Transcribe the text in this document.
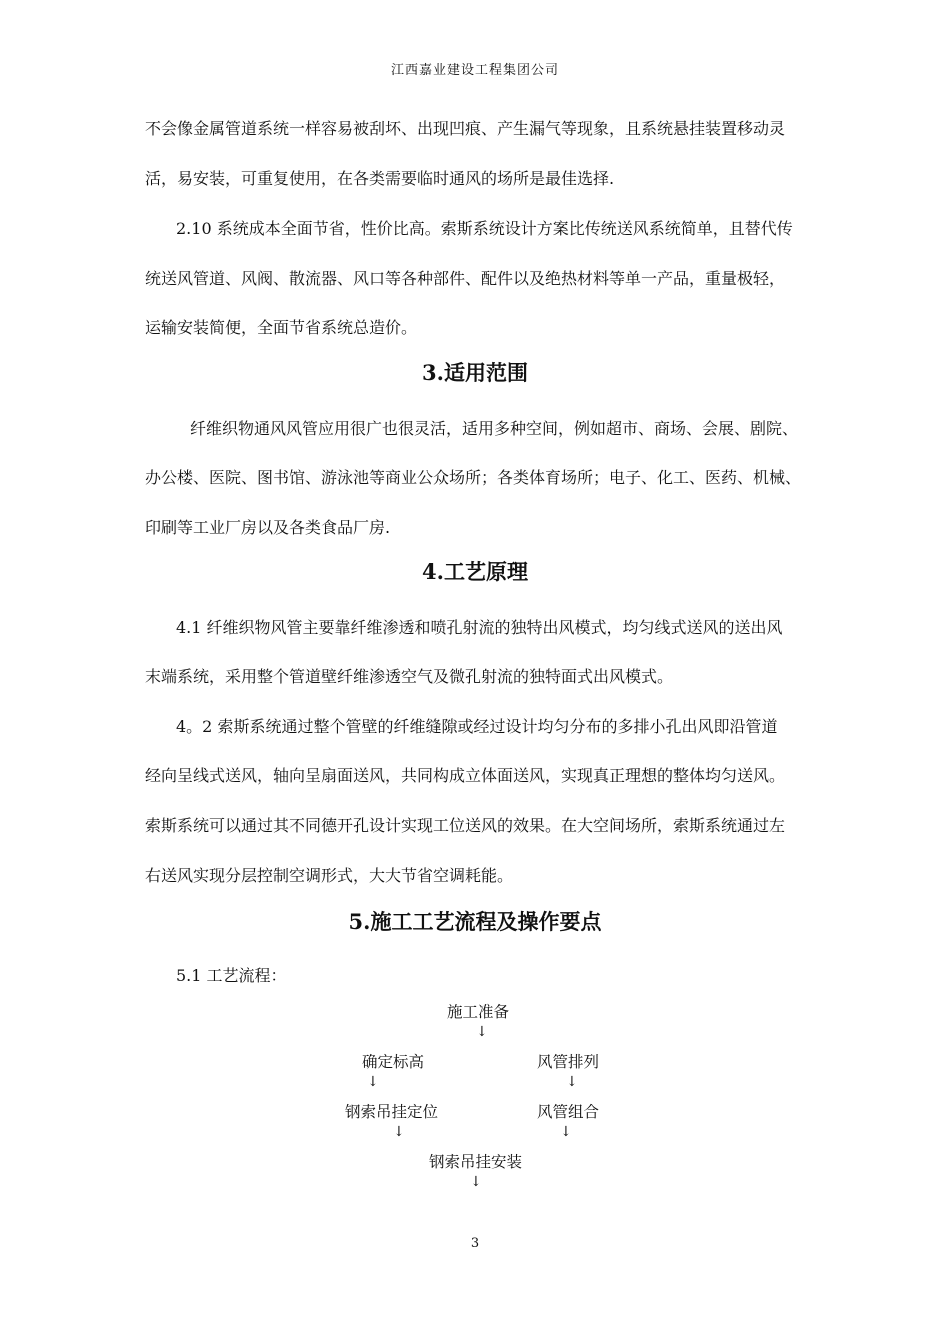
江西嘉业建设工程集团公司
不会像金属管道系统一样容易被刮坏、出现凹痕、产生漏气等现象，且系统悬挂装置移动灵
活，易安装，可重复使用，在各类需要临时通风的场所是最佳选择.
2.10 系统成本全面节省，性价比高。索斯系统设计方案比传统送风系统简单，且替代传
统送风管道、风阀、散流器、风口等各种部件、配件以及绝热材料等单一产品，重量极轻，
运输安装简便，全面节省系统总造价。
3.适用范围
纤维织物通风风管应用很广也很灵活，适用多种空间，例如超市、商场、会展、剧院、
办公楼、医院、图书馆、游泳池等商业公众场所；各类体育场所；电子、化工、医药、机械、
印刷等工业厂房以及各类食品厂房.
4.工艺原理
4.1 纤维织物风管主要靠纤维渗透和喷孔射流的独特出风模式，均匀线式送风的送出风
末端系统，采用整个管道壁纤维渗透空气及微孔射流的独特面式出风模式。
4。2 索斯系统通过整个管壁的纤维缝隙或经过设计均匀分布的多排小孔出风即沿管道
经向呈线式送风，轴向呈扇面送风，共同构成立体面送风，实现真正理想的整体均匀送风。
索斯系统可以通过其不同德开孔设计实现工位送风的效果。在大空间场所，索斯系统通过左
右送风实现分层控制空调形式，大大节省空调耗能。
5.施工工艺流程及操作要点
5.1 工艺流程：
施工准备
↓
确定标高	风管排列
↓	↓
钢索吊挂定位	风管组合
↓	↓
钢索吊挂安装
↓
3
